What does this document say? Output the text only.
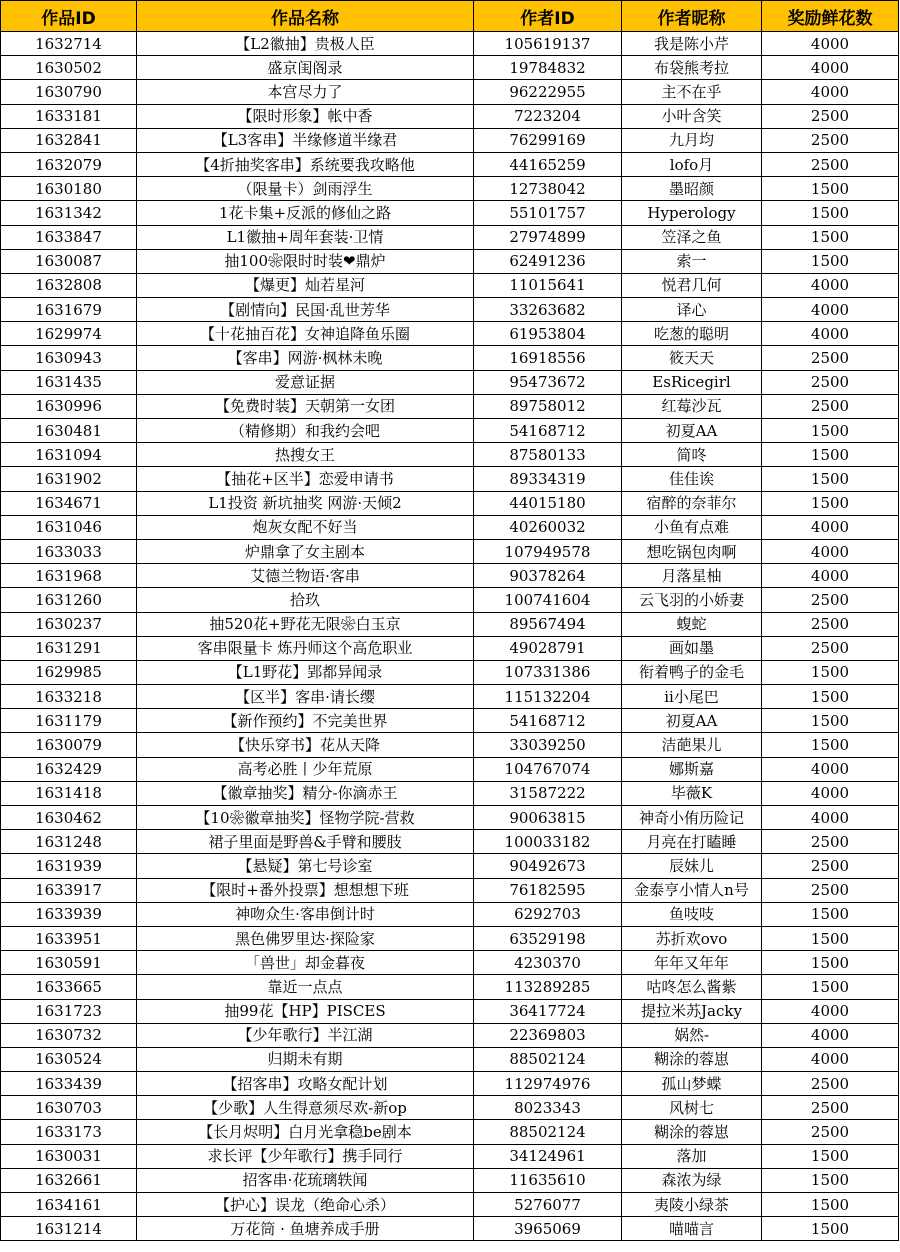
作品ID	作品名称	作者ID	作者昵称	奖励鲜花数
1632714	【L2徽抽】贵极人臣	105619137	我是陈小芹	4000
1630502	盛京闺阁录	19784832	布袋熊考拉	4000
1630790	本宫尽力了	96222955	主不在乎	4000
1633181	【限时形象】帐中香	7223204	小叶含笑	2500
1632841	【L3客串】半缘修道半缘君	76299169	九月均	2500
1632079	【4折抽奖客串】系统要我攻略他	44165259	lofo月	2500
1630180	（限量卡）剑雨浮生	12738042	墨昭颜	1500
1631342	1花卡集+反派的修仙之路	55101757	Hyperology	1500
1633847	L1徽抽+周年套装·卫情	27974899	笠泽之鱼	1500
1630087	抽100❀限时时装❤鼎炉	62491236	索一	1500
1632808	【爆更】灿若星河	11015641	悦君几何	4000
1631679	【剧情向】民国·乱世芳华	33263682	译心	4000
1629974	【十花抽百花】女神追降鱼乐圈	61953804	吃葱的聪明	4000
1630943	【客串】网游·枫林未晚	16918556	筱天天	2500
1631435	爱意证据	95473672	EsRicegirl	2500
1630996	【免费时装】天朝第一女团	89758012	红莓沙瓦	2500
1630481	（精修期）和我约会吧	54168712	初夏AA	1500
1631094	热搜女王	87580133	简咚	1500
1631902	【抽花+区半】恋爱申请书	89334319	佳佳诶	1500
1634671	L1投资 新坑抽奖 网游·天倾2	44015180	宿醉的奈菲尔	1500
1631046	炮灰女配不好当	40260032	小鱼有点难	4000
1633033	炉鼎拿了女主剧本	107949578	想吃锅包肉啊	4000
1631968	艾德兰物语·客串	90378264	月落星柚	4000
1631260	拾玖	100741604	云飞羽的小娇妻	2500
1630237	抽520花+野花无限❀白玉京	89567494	蝮蛇	2500
1631291	客串限量卡 炼丹师这个高危职业	49028791	画如墨	2500
1629985	【L1野花】郢都异闻录	107331386	衔着鸭子的金毛	1500
1633218	【区半】客串·请长缨	115132204	ii小尾巴	1500
1631179	【新作预约】不完美世界	54168712	初夏AA	1500
1630079	【快乐穿书】花从天降	33039250	洁葩果儿	1500
1632429	高考必胜丨少年荒原	104767074	娜斯嘉	4000
1631418	【徽章抽奖】精分-你滴赤王	31587222	毕薇K	4000
1630462	【10❀徽章抽奖】怪物学院-营救	90063815	神奇小侑历险记	4000
1631248	裙子里面是野兽&手臂和腰肢	100033182	月亮在打瞌睡	2500
1631939	【悬疑】第七号诊室	90492673	辰妹儿	2500
1633917	【限时+番外投票】想想想下班	76182595	金泰亨小情人n号	2500
1633939	神吻众生·客串倒计时	6292703	鱼吱吱	1500
1633951	黑色佛罗里达·探险家	63529198	苏折欢ovo	1500
1630591	「兽世」却金暮夜	4230370	年年又年年	1500
1633665	靠近一点点	113289285	咕咚怎么酱紫	1500
1631723	抽99花【HP】PISCES	36417724	提拉米苏Jacky	4000
1630732	【少年歌行】半江湖	22369803	娲然-	4000
1630524	归期未有期	88502124	糊涂的蓉崽	4000
1633439	【招客串】攻略女配计划	112974976	孤山梦蝶	2500
1630703	【少歌】人生得意须尽欢-新op	8023343	风树七	2500
1633173	【长月烬明】白月光拿稳be剧本	88502124	糊涂的蓉崽	2500
1630031	求长评【少年歌行】携手同行	34124961	落加	1500
1632661	招客串·花琉璃轶闻	11635610	森浓为绿	1500
1634161	【护心】误龙（绝命心杀）	5276077	夷陵小绿茶	1500
1631214	万花筒 · 鱼塘养成手册	3965069	喵喵言	1500
